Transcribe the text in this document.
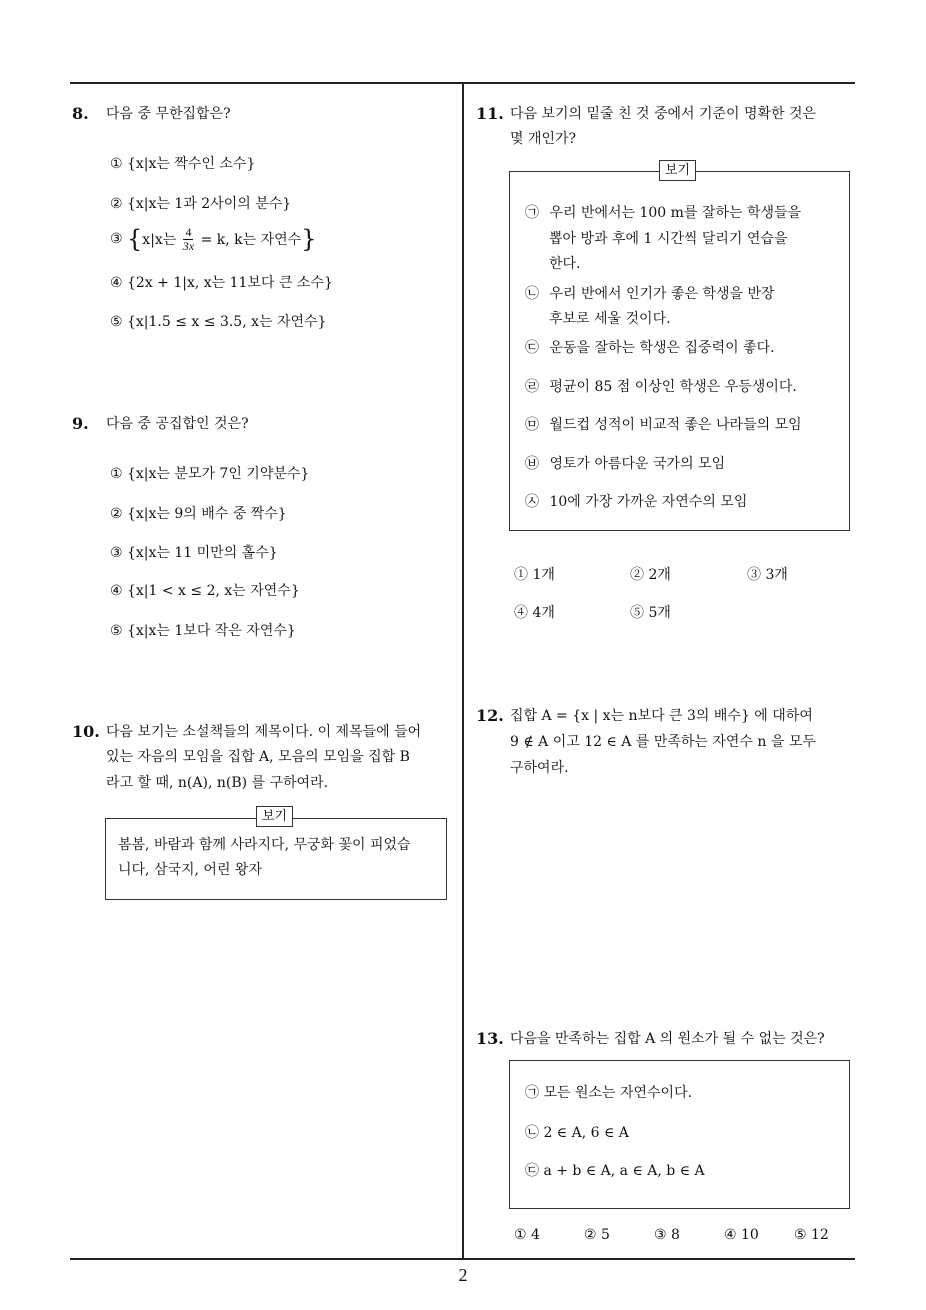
8. 다음 중 무한집합은?
① {x|x는 짝수인 소수}
② {x|x는 1과 2사이의 분수}
③ {x|x는 $\frac{4}{3x} = k$, k는 자연수}
④ {2x + 1|x, x는 11보다 큰 소수}
⑤ {x|1.5 ≤ x ≤ 3.5, x는 자연수}
9. 다음 중 공집합인 것은?
① {x|x는 분모가 7인 기약분수}
② {x|x는 9의 배수 중 짝수}
③ {x|x는 11 미만의 홀수}
④ {x|1 < x ≤ 2, x는 자연수}
⑤ {x|x는 1보다 작은 자연수}
10. 다음 보기는 소설책들의 제목이다. 이 제목들에 들어
있는 자음의 모임을 집합 A, 모음의 모임을 집합 B
라고 할 때, n(A), n(B) 를 구하여라.
보기
봄봄, 바람과 함께 사라지다, 무궁화 꽃이 피었습
니다, 삼국지, 어린 왕자
11. 다음 보기의 밑줄 친 것 중에서 기준이 명확한 것은
몇 개인가?
보기
㉠ 우리 반에서는 100 m를 잘하는 학생들을
뽑아 방과 후에 1 시간씩 달리기 연습을
한다.
㉡ 우리 반에서 인기가 좋은 학생을 반장
후보로 세울 것이다.
㉢ 운동을 잘하는 학생은 집중력이 좋다.
㉣ 평균이 85 점 이상인 학생은 우등생이다.
㉤ 월드컵 성적이 비교적 좋은 나라들의 모임
㉥ 영토가 아름다운 국가의 모임
㉦ 10에 가장 가까운 자연수의 모임
① 1개	② 2개	③ 3개
④ 4개	⑤ 5개
12. 집합 A = {x | x는 n보다 큰 3의 배수} 에 대하여
9 ∉ A 이고 12 ∈ A 를 만족하는 자연수 n 을 모두
구하여라.
13. 다음을 만족하는 집합 A 의 원소가 될 수 없는 것은?
㉠ 모든 원소는 자연수이다.
㉡ 2 ∈ A, 6 ∈ A
㉢ a + b ∈ A, a ∈ A, b ∈ A
① 4	② 5	③ 8	④ 10	⑤ 12
2
